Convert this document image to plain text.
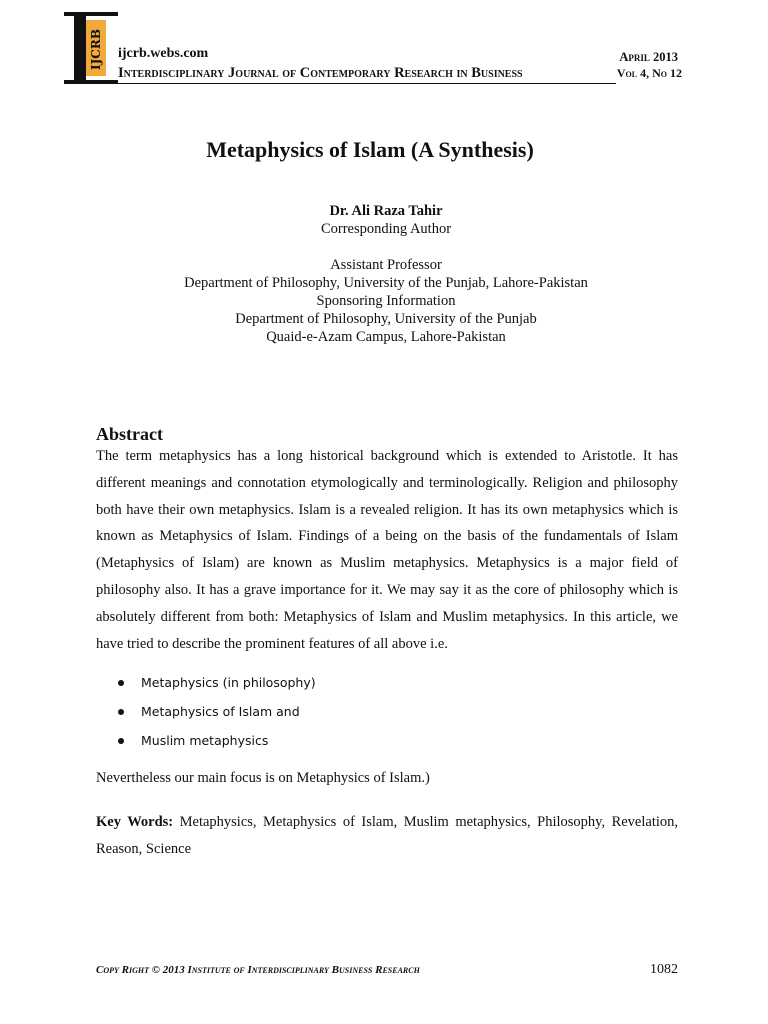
IJCRB ijcrb.webs.com
Interdisciplinary Journal of Contemporary Research in Business
April 2013
Vol 4, No 12
Metaphysics of Islam (A Synthesis)
Dr. Ali Raza Tahir
Corresponding Author
Assistant Professor
Department of Philosophy, University of the Punjab, Lahore-Pakistan
Sponsoring Information
Department of Philosophy, University of the Punjab
Quaid-e-Azam Campus, Lahore-Pakistan
Abstract

The term metaphysics has a long historical background which is extended to Aristotle. It has different meanings and connotation etymologically and terminologically. Religion and philosophy both have their own metaphysics. Islam is a revealed religion. It has its own metaphysics which is known as Metaphysics of Islam. Findings of a being on the basis of the fundamentals of Islam (Metaphysics of Islam) are known as Muslim metaphysics. Metaphysics is a major field of philosophy also. It has a grave importance for it. We may say it as the core of philosophy which is absolutely different from both: Metaphysics of Islam and Muslim metaphysics. In this article, we have tried to describe the prominent features of all above i.e.

Metaphysics (in philosophy)
Metaphysics of Islam and
Muslim metaphysics

Nevertheless our main focus is on Metaphysics of Islam.)

Key Words: Metaphysics, Metaphysics of Islam, Muslim metaphysics, Philosophy, Revelation, Reason, Science

Copy Right © 2013 Institute of Interdisciplinary Business Research	1082
